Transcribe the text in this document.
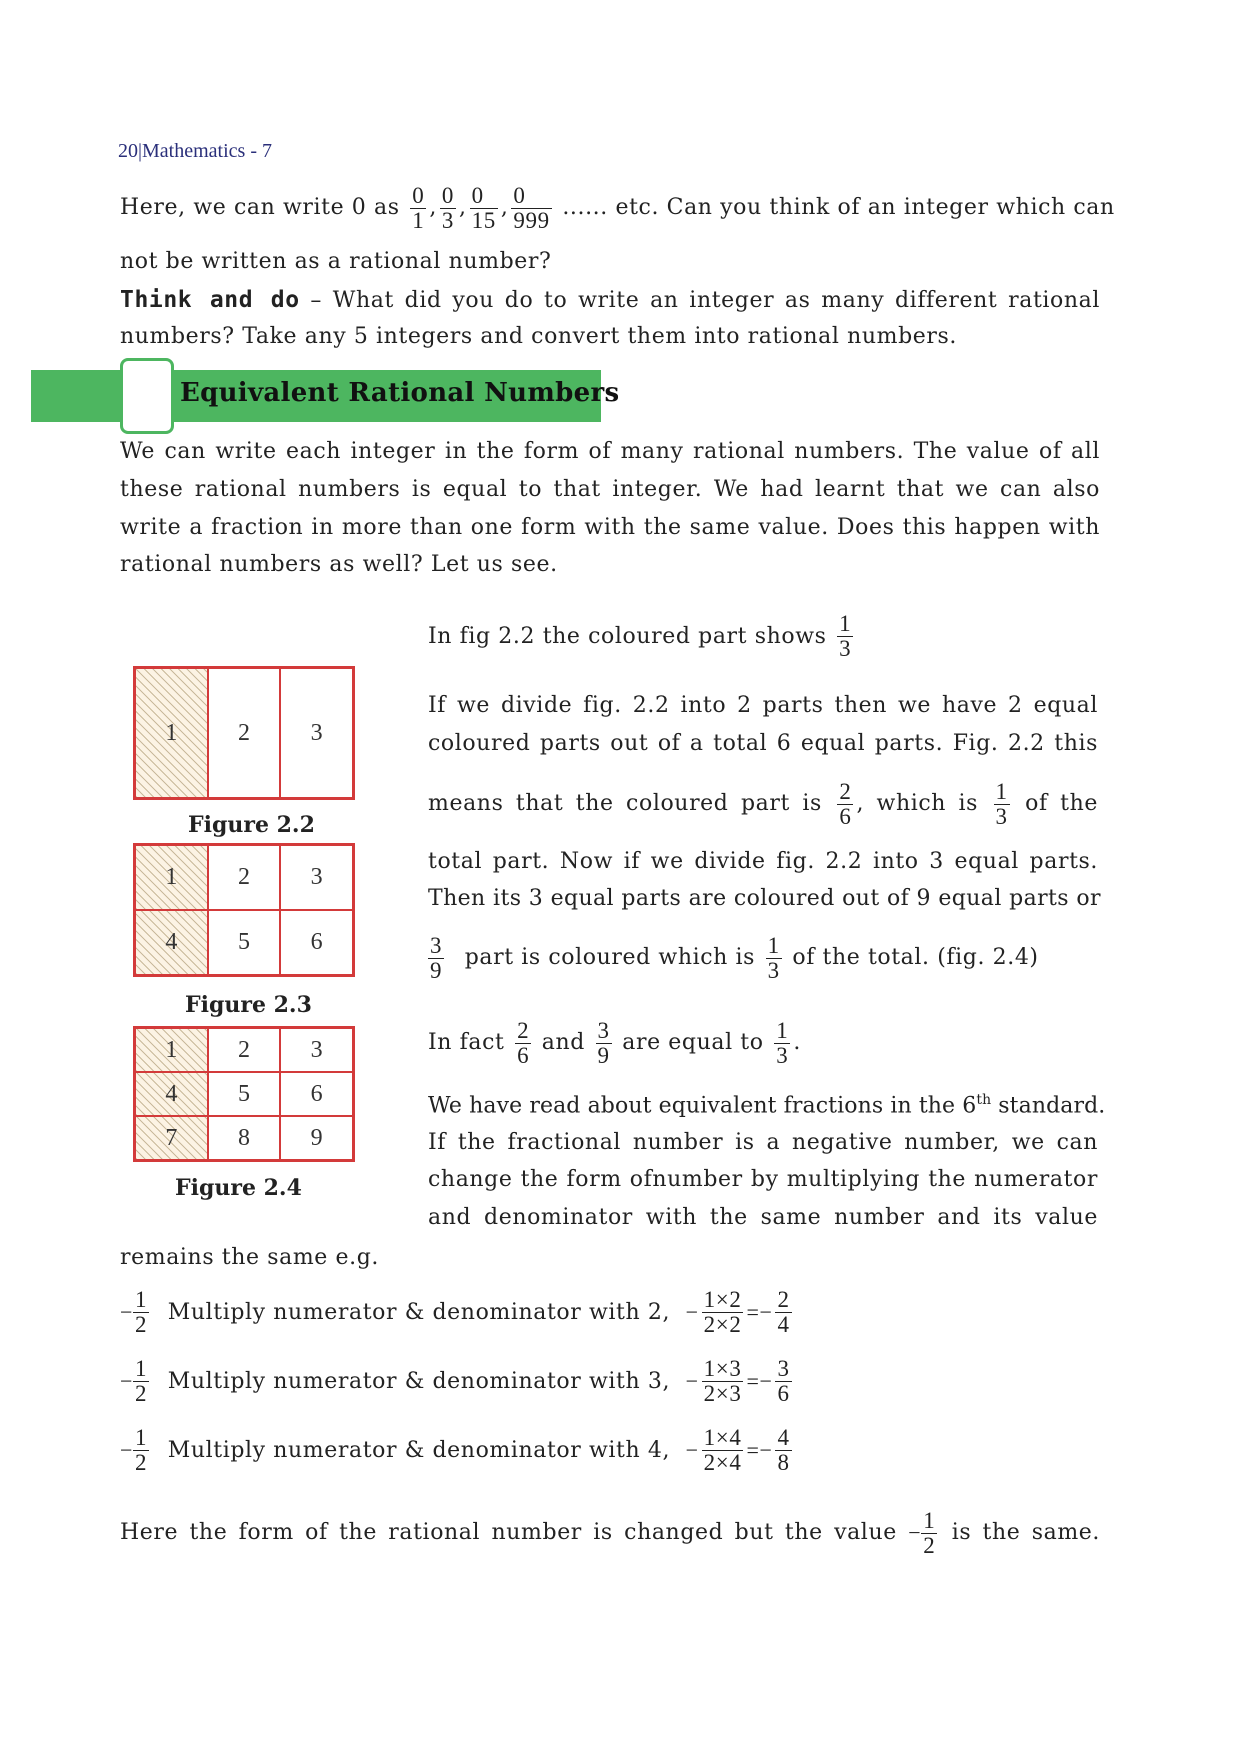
20|Mathematics - 7
Here, we can write 0 as $\frac{0}{1}$ , $\frac{0}{3}$ , $\frac{0}{15}$ , $\frac{0}{999}$ ...... etc. Can you think of an integer which can
not be written as a rational number?
Think and do – What did you do to write an integer as many different rational
numbers? Take any 5 integers and convert them into rational numbers.
Equivalent Rational Numbers
We can write each integer in the form of many rational numbers. The value of all
these rational numbers is equal to that integer. We had learnt that we can also
write a fraction in more than one form with the same value. Does this happen with
rational numbers as well? Let us see.
1	2	3
Figure 2.2
1	2	3
4	5	6
Figure 2.3
1	2	3
4	5	6
7	8	9
Figure 2.4
In fig 2.2 the coloured part shows $\frac{1}{3}$
If we divide fig. 2.2 into 2 parts then we have 2 equal
coloured parts out of a total 6 equal parts. Fig. 2.2 this
means that the coloured part is $\frac{2}{6}$ , which is $\frac{1}{3}$ of the
total part. Now if we divide fig. 2.2 into 3 equal parts.
Then its 3 equal parts are coloured out of 9 equal parts or
$\frac{3}{9}$ part is coloured which is $\frac{1}{3}$ of the total. (fig. 2.4)
In fact $\frac{2}{6}$ and $\frac{3}{9}$ are equal to $\frac{1}{3}$ .
We have read about equivalent fractions in the 6th standard.
If the fractional number is a negative number, we can
change the form ofnumber by multiplying the numerator
and denominator with the same number and its value
remains the same e.g.
− $\frac{1}{2}$ Multiply numerator & denominator with 2, − $\frac{1\times 2}{2\times 2} =- \frac{2}{4}$
− $\frac{1}{2}$ Multiply numerator & denominator with 3, − $\frac{1\times 3}{2\times 3} =- \frac{3}{6}$
− $\frac{1}{2}$ Multiply numerator & denominator with 4, − $\frac{1\times 4}{2\times 4} =- \frac{4}{8}$
Here the form of the rational number is changed but the value − $\frac{1}{2}$ is the same.
